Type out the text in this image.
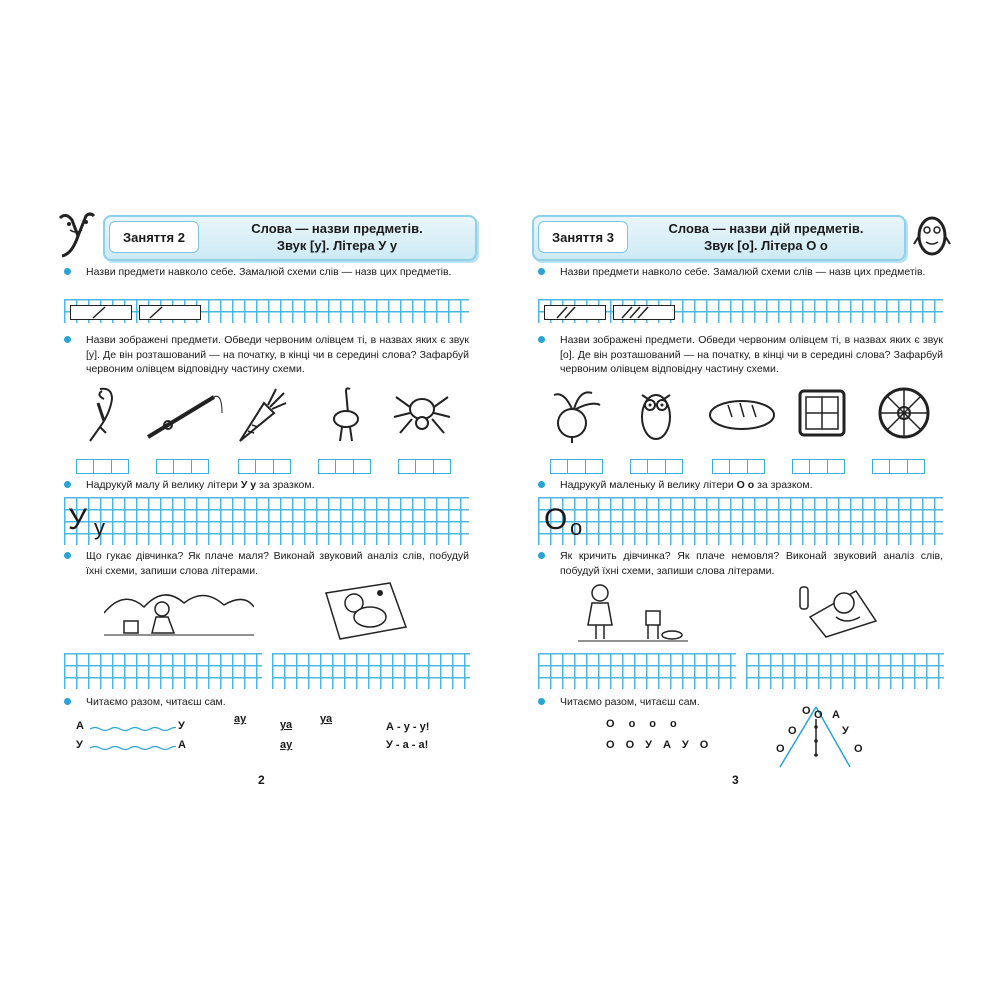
Заняття 2
Слова — назви предметів.
Звук [у]. Літера У у
Назви предмети навколо себе. Замалюй схеми слів — назв цих предметів.
Назви зображені предмети. Обведи червоним олівцем ті, в назвах яких є звук [у]. Де він розташований — на початку, в кінці чи в середині слова? Зафарбуй червоним олівцем відповідну частину схеми.
Надрукуй малу й велику літери У у за зразком.
У у
Що гукає дівчинка? Як плаче маля? Виконай звуковий аналіз слів, побудуй їхні схеми, запиши слова літерами.
Читаємо разом, читаєш сам.
А	У
У	А
ау	уа	уа
ау
А - у - у!
У - а - а!
2
Заняття 3
Слова — назви дій предметів.
Звук [о]. Літера О о
Назви предмети навколо себе. Замалюй схеми слів — назв цих предметів.
Назви зображені предмети. Обведи червоним олівцем ті, в назвах яких є звук [о]. Де він розташований — на початку, в кінці чи в середині слова? Зафарбуй червоним олівцем відповідну частину схеми.
Надрукуй маленьку й велику літери О о за зразком.
О о
Як кричить дівчинка? Як плаче немовля? Виконай звуковий аналіз слів, побудуй їхні схеми, запиши слова літерами.
Читаємо разом, читаєш сам.
О о о о
О О У А У О
О О А
О	У
О	О
3
